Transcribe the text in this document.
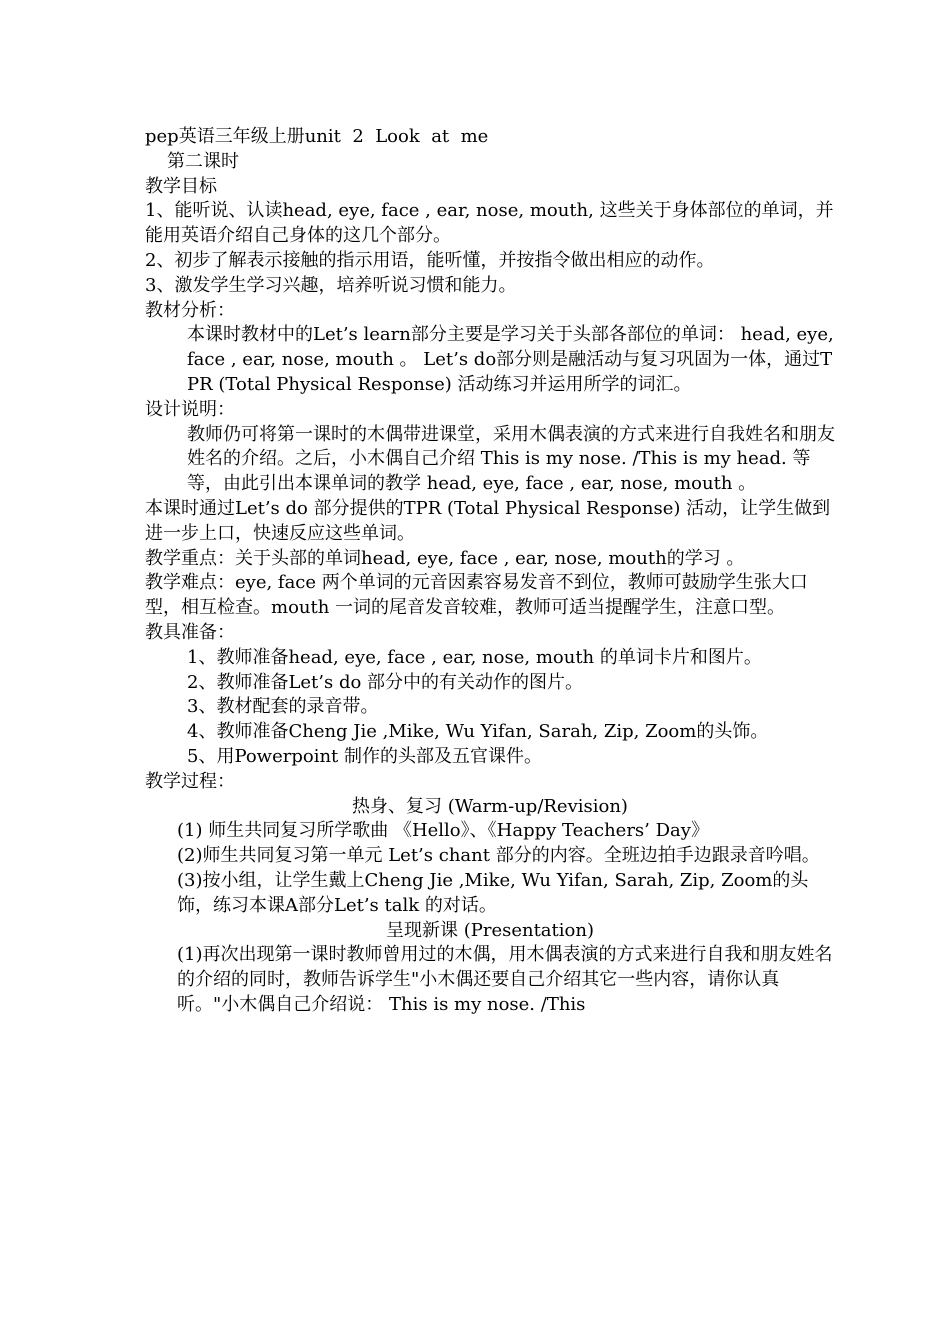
pep英语三年级上册unit  2  Look  at  me

第二课时

教学目标

1、能听说、认读head, eye, face , ear, nose, mouth, 这些关于身体部位的单词，并能用英语介绍自己身体的这几个部分。

2、初步了解表示接触的指示用语，能听懂，并按指令做出相应的动作。

3、激发学生学习兴趣，培养听说习惯和能力。

教材分析：

本课时教材中的Let’s learn部分主要是学习关于头部各部位的单词： head, eye, face , ear, nose, mouth 。 Let’s do部分则是融活动与复习巩固为一体，通过TPR (Total Physical Response) 活动练习并运用所学的词汇。

设计说明：

教师仍可将第一课时的木偶带进课堂，采用木偶表演的方式来进行自我姓名和朋友姓名的介绍。之后，小木偶自己介绍 This is my nose. /This is my head. 等等，由此引出本课单词的教学 head, eye, face , ear, nose, mouth 。

本课时通过Let’s do 部分提供的TPR (Total Physical Response) 活动，让学生做到进一步上口，快速反应这些单词。

教学重点：关于头部的单词head, eye, face , ear, nose, mouth的学习 。

教学难点：eye, face 两个单词的元音因素容易发音不到位，教师可鼓励学生张大口型，相互检查。mouth 一词的尾音发音较难，教师可适当提醒学生，注意口型。

教具准备：

1、教师准备head, eye, face , ear, nose, mouth 的单词卡片和图片。

2、教师准备Let’s do 部分中的有关动作的图片。

3、教材配套的录音带。

4、教师准备Cheng Jie ,Mike, Wu Yifan, Sarah, Zip, Zoom的头饰。

5、用Powerpoint 制作的头部及五官课件。

教学过程：

热身、复习 (Warm-up/Revision)

(1) 师生共同复习所学歌曲 《Hello》、《Happy Teachers’ Day》

(2)师生共同复习第一单元 Let’s chant 部分的内容。全班边拍手边跟录音吟唱。

(3)按小组，让学生戴上Cheng Jie ,Mike, Wu Yifan, Sarah, Zip, Zoom的头饰，练习本课A部分Let’s talk 的对话。

呈现新课 (Presentation)

(1)再次出现第一课时教师曾用过的木偶，用木偶表演的方式来进行自我和朋友姓名的介绍的同时，教师告诉学生"小木偶还要自己介绍其它一些内容，请你认真听。"小木偶自己介绍说： This is my nose. /This
